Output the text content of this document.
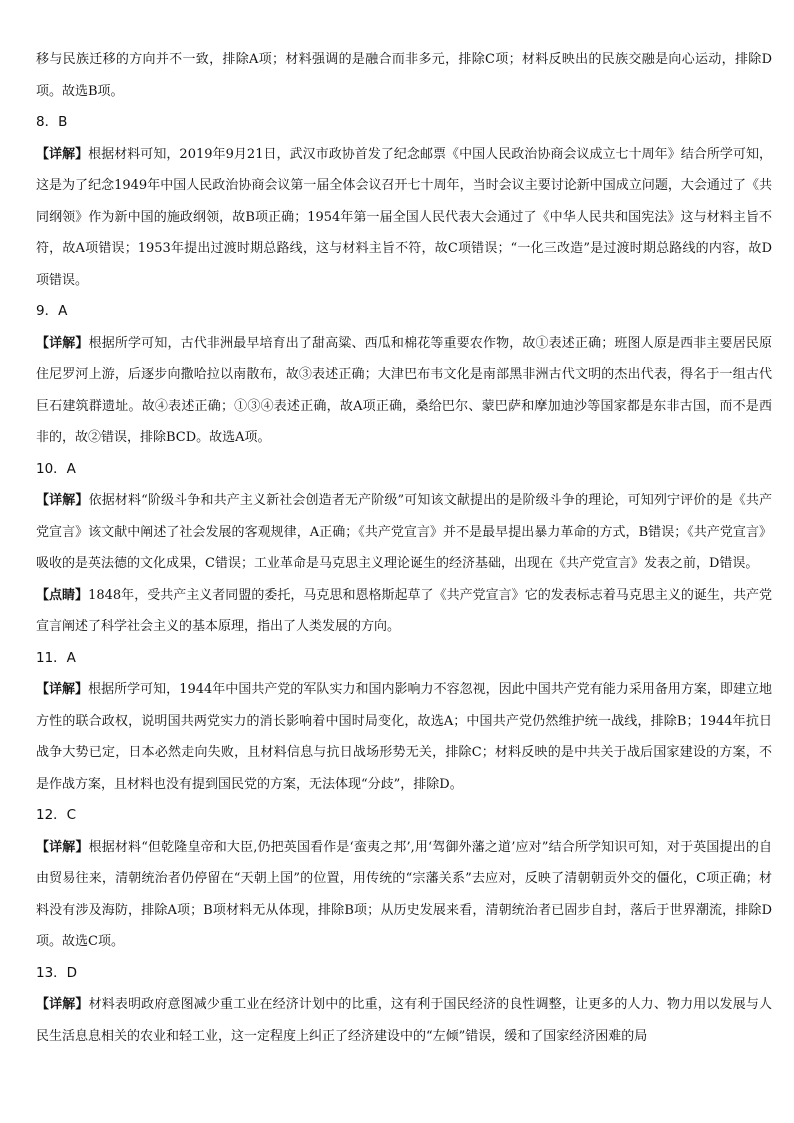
移与民族迁移的方向并不一致，排除A项；材料强调的是融合而非多元，排除C项；材料反映出的民族交融是向心运动，排除D项。故选B项。

8．B

【详解】根据材料可知，2019年9月21日，武汉市政协首发了纪念邮票《中国人民政治协商会议成立七十周年》结合所学可知，这是为了纪念1949年中国人民政治协商会议第一届全体会议召开七十周年，当时会议主要讨论新中国成立问题，大会通过了《共同纲领》作为新中国的施政纲领，故B项正确；1954年第一届全国人民代表大会通过了《中华人民共和国宪法》这与材料主旨不符，故A项错误；1953年提出过渡时期总路线，这与材料主旨不符，故C项错误；“一化三改造”是过渡时期总路线的内容，故D项错误。

9．A

【详解】根据所学可知，古代非洲最早培育出了甜高粱、西瓜和棉花等重要农作物，故①表述正确；班图人原是西非主要居民原住尼罗河上游，后逐步向撒哈拉以南散布，故③表述正确；大津巴布韦文化是南部黑非洲古代文明的杰出代表，得名于一组古代巨石建筑群遗址。故④表述正确；①③④表述正确，故A项正确，桑给巴尔、蒙巴萨和摩加迪沙等国家都是东非古国，而不是西非的，故②错误，排除BCD。故选A项。

10．A

【详解】依据材料“阶级斗争和共产主义新社会创造者无产阶级”可知该文献提出的是阶级斗争的理论，可知列宁评价的是《共产党宣言》该文献中阐述了社会发展的客观规律，A正确；《共产党宣言》并不是最早提出暴力革命的方式，B错误；《共产党宣言》吸收的是英法德的文化成果，C错误；工业革命是马克思主义理论诞生的经济基础，出现在《共产党宣言》发表之前，D错误。

【点睛】1848年，受共产主义者同盟的委托，马克思和恩格斯起草了《共产党宣言》它的发表标志着马克思主义的诞生，共产党宣言阐述了科学社会主义的基本原理，指出了人类发展的方向。

11．A

【详解】根据所学可知，1944年中国共产党的军队实力和国内影响力不容忽视，因此中国共产党有能力采用备用方案，即建立地方性的联合政权，说明国共两党实力的消长影响着中国时局变化，故选A；中国共产党仍然维护统一战线，排除B；1944年抗日战争大势已定，日本必然走向失败，且材料信息与抗日战场形势无关，排除C；材料反映的是中共关于战后国家建设的方案，不是作战方案，且材料也没有提到国民党的方案，无法体现“分歧”，排除D。

12．C

【详解】根据材料“但乾隆皇帝和大臣,仍把英国看作是‘蛮夷之邦’,用‘驾御外藩之道’应对”结合所学知识可知，对于英国提出的自由贸易往来，清朝统治者仍停留在“天朝上国”的位置，用传统的“宗藩关系”去应对，反映了清朝朝贡外交的僵化，C项正确；材料没有涉及海防，排除A项；B项材料无从体现，排除B项；从历史发展来看，清朝统治者已固步自封，落后于世界潮流，排除D项。故选C项。

13．D

【详解】材料表明政府意图减少重工业在经济计划中的比重，这有利于国民经济的良性调整，让更多的人力、物力用以发展与人民生活息息相关的农业和轻工业，这一定程度上纠正了经济建设中的“左倾”错误，缓和了国家经济困难的局
